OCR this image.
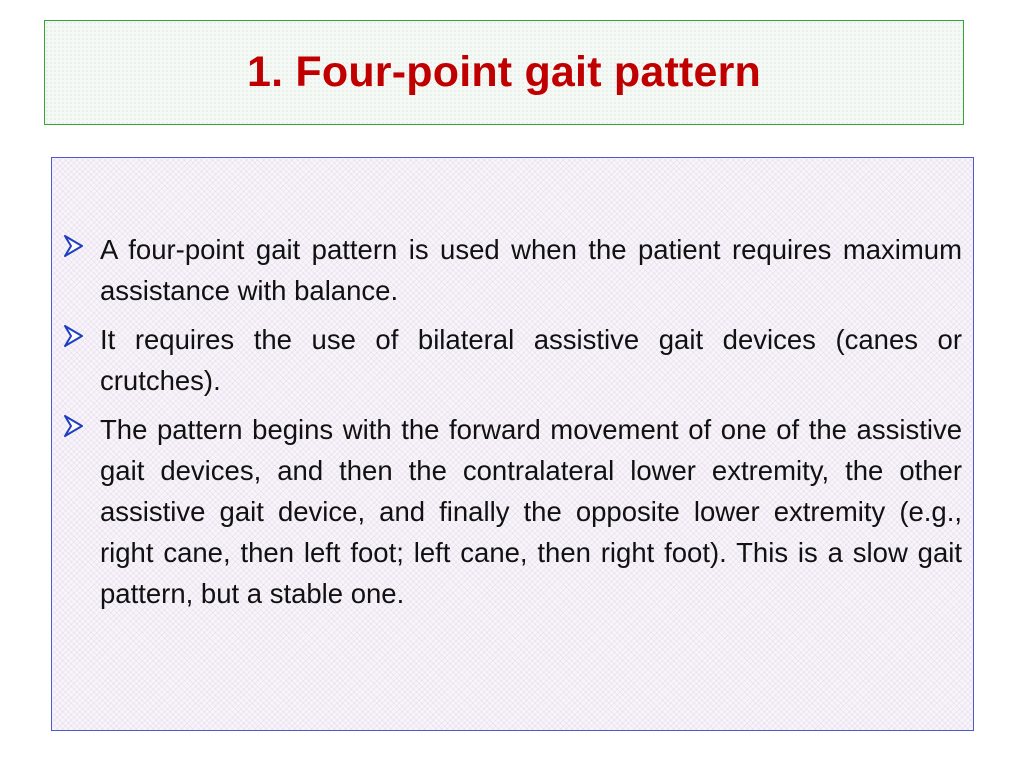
1. Four-point gait pattern

A four-point gait pattern is used when the patient requires maximum assistance with balance.

It requires the use of bilateral assistive gait devices (canes or crutches).

The pattern begins with the forward movement of one of the assistive gait devices, and then the contralateral lower extremity, the other assistive gait device, and finally the opposite lower extremity (e.g., right cane, then left foot; left cane, then right foot). This is a slow gait pattern, but a stable one.
